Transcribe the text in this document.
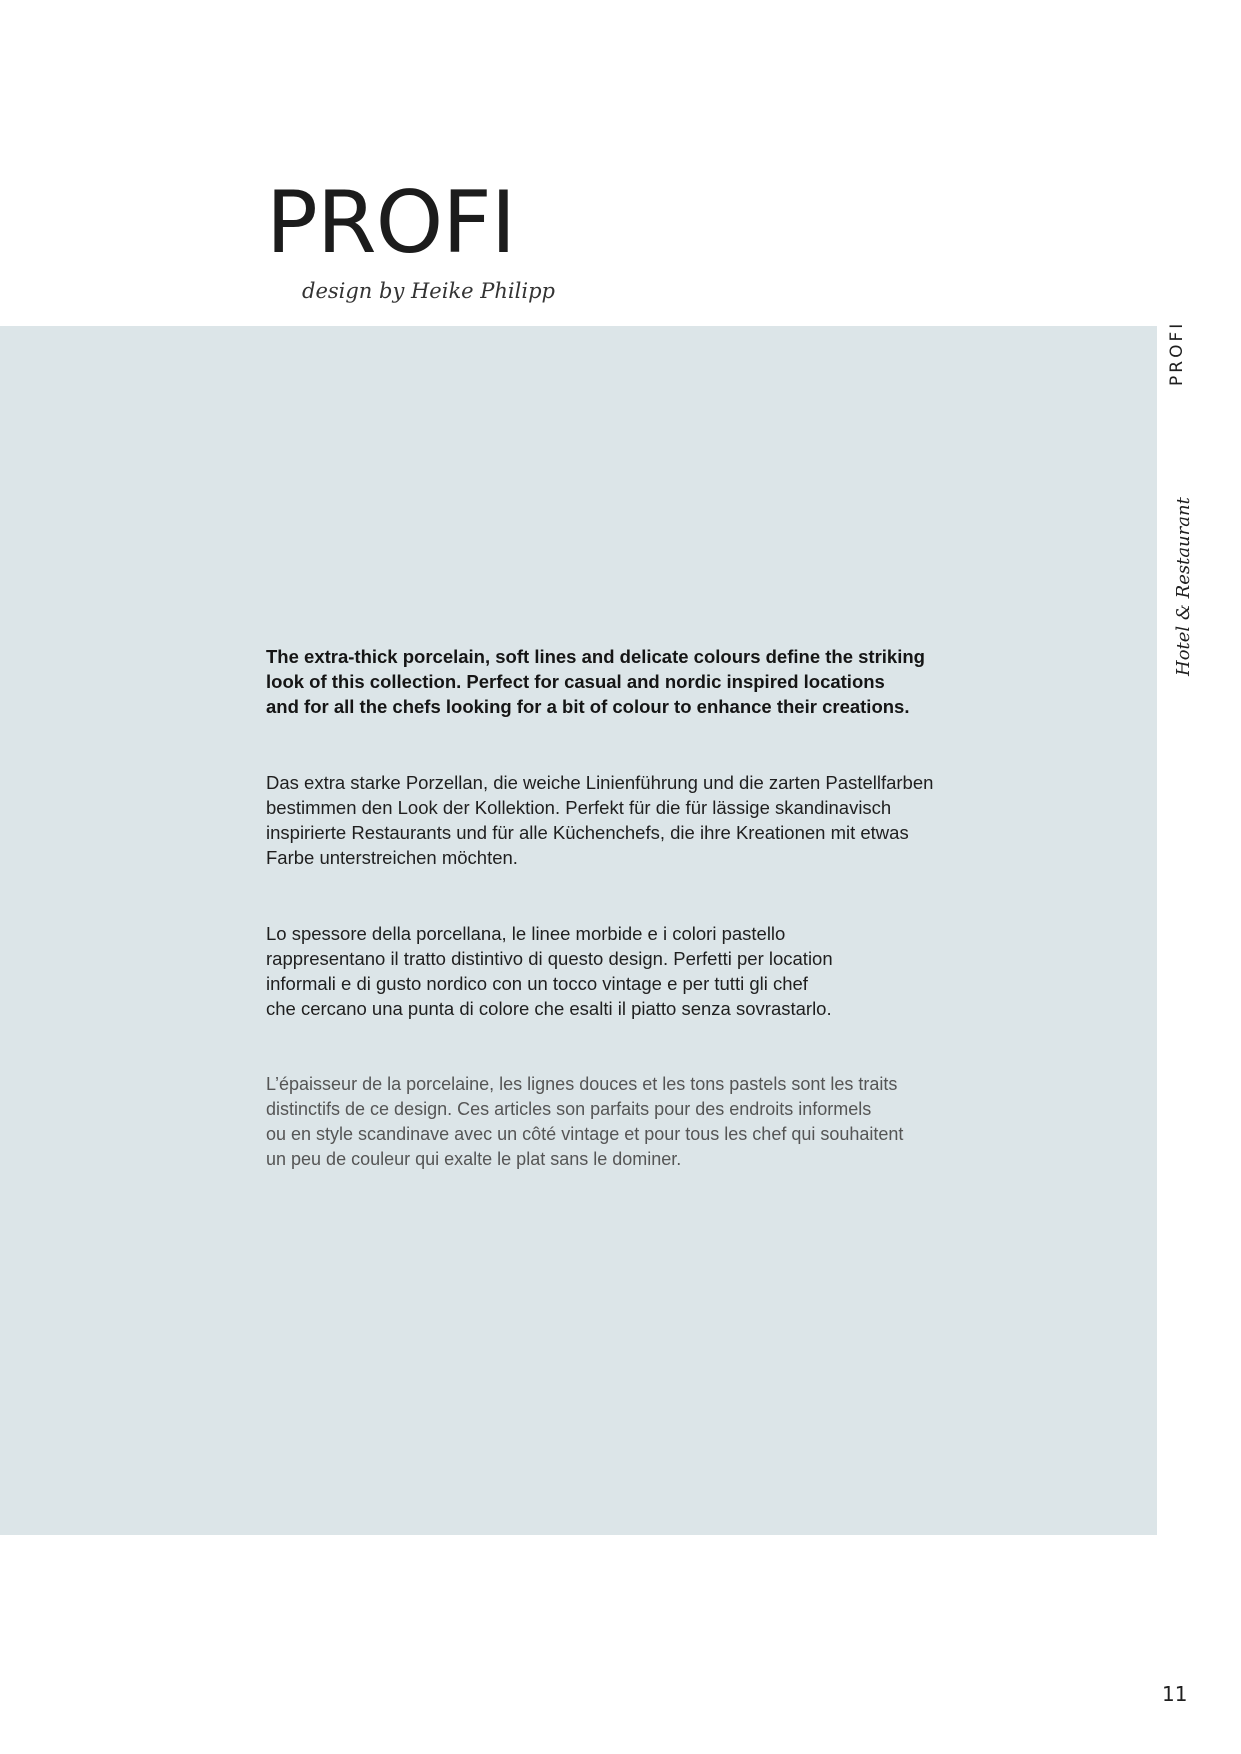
PROFI

design by Heike Philipp

The extra-thick porcelain, soft lines and delicate colours define the striking
look of this collection. Perfect for casual and nordic inspired locations
and for all the chefs looking for a bit of colour to enhance their creations.

Das extra starke Porzellan, die weiche Linienführung und die zarten Pastellfarben
bestimmen den Look der Kollektion. Perfekt für die für lässige skandinavisch
inspirierte Restaurants und für alle Küchenchefs, die ihre Kreationen mit etwas
Farbe unterstreichen möchten.

Lo spessore della porcellana, le linee morbide e i colori pastello
rappresentano il tratto distintivo di questo design. Perfetti per location
informali e di gusto nordico con un tocco vintage e per tutti gli chef
che cercano una punta di colore che esalti il piatto senza sovrastarlo.

L’épaisseur de la porcelaine, les lignes douces et les tons pastels sont les traits
distinctifs de ce design. Ces articles son parfaits pour des endroits informels
ou en style scandinave avec un côté vintage et pour tous les chef qui souhaitent
un peu de couleur qui exalte le plat sans le dominer.

PROFI
Hotel & Restaurant
11
